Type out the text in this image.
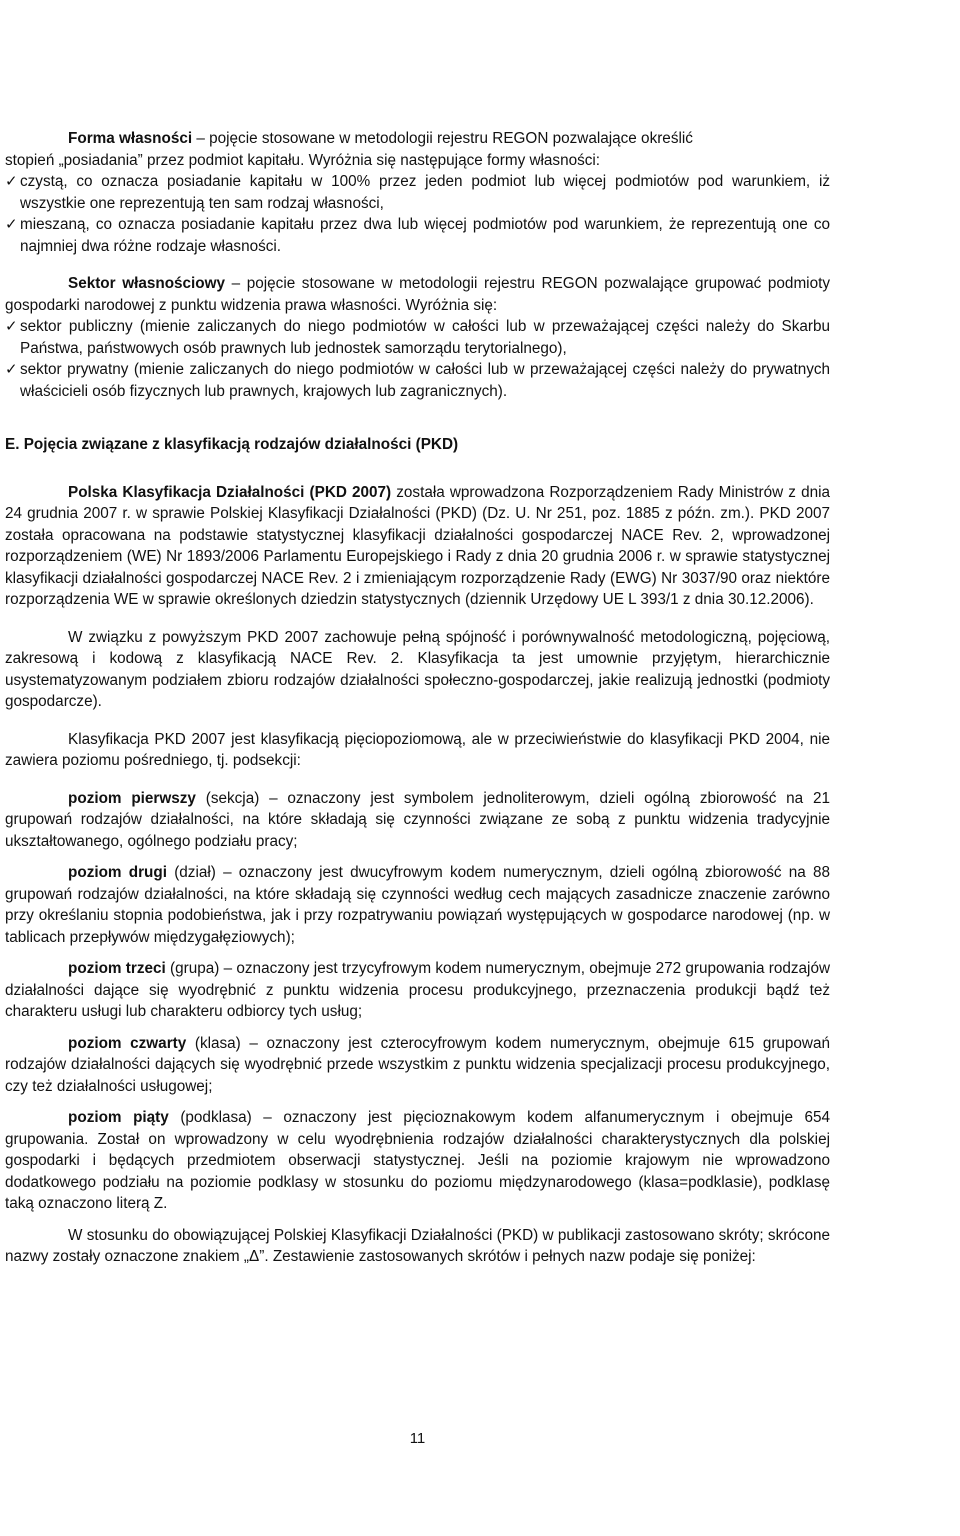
Forma własności – pojęcie stosowane w metodologii rejestru REGON pozwalające określić

stopień „posiadania” przez podmiot kapitału. Wyróżnia się następujące formy własności:

✓ czystą, co oznacza posiadanie kapitału w 100% przez jeden podmiot lub więcej podmiotów pod warunkiem, iż wszystkie one reprezentują ten sam rodzaj własności,
✓ mieszaną, co oznacza posiadanie kapitału przez dwa lub więcej podmiotów pod warunkiem, że reprezentują one co najmniej dwa różne rodzaje własności.

Sektor własnościowy – pojęcie stosowane w metodologii rejestru REGON pozwalające grupować podmioty gospodarki narodowej z punktu widzenia prawa własności. Wyróżnia się:

✓ sektor publiczny (mienie zaliczanych do niego podmiotów w całości lub w przeważającej części należy do Skarbu Państwa, państwowych osób prawnych lub jednostek samorządu terytorialnego),
✓ sektor prywatny (mienie zaliczanych do niego podmiotów w całości lub w przeważającej części należy do prywatnych właścicieli osób fizycznych lub prawnych, krajowych lub zagranicznych).

E. Pojęcia związane z klasyfikacją rodzajów działalności (PKD)

Polska Klasyfikacja Działalności (PKD 2007) została wprowadzona Rozporządzeniem Rady Ministrów z dnia 24 grudnia 2007 r. w sprawie Polskiej Klasyfikacji Działalności (PKD) (Dz. U. Nr 251, poz. 1885 z późn. zm.). PKD 2007 została opracowana na podstawie statystycznej klasyfikacji działalności gospodarczej NACE Rev. 2, wprowadzonej rozporządzeniem (WE) Nr 1893/2006 Parlamentu Europejskiego i Rady z dnia 20 grudnia 2006 r. w sprawie statystycznej klasyfikacji działalności gospodarczej NACE Rev. 2 i zmieniającym rozporządzenie Rady (EWG) Nr 3037/90 oraz niektóre rozporządzenia WE w sprawie określonych dziedzin statystycznych (dziennik Urzędowy UE L 393/1 z dnia 30.12.2006).

W związku z powyższym PKD 2007 zachowuje pełną spójność i porównywalność metodologiczną, pojęciową, zakresową i kodową z klasyfikacją NACE Rev. 2. Klasyfikacja ta jest umownie przyjętym, hierarchicznie usystematyzowanym podziałem zbioru rodzajów działalności społeczno-gospodarczej, jakie realizują jednostki (podmioty gospodarcze).

Klasyfikacja PKD 2007 jest klasyfikacją pięciopoziomową, ale w przeciwieństwie do klasyfikacji PKD 2004, nie zawiera poziomu pośredniego, tj. podsekcji:

poziom pierwszy (sekcja) – oznaczony jest symbolem jednoliterowym, dzieli ogólną zbiorowość na 21 grupowań rodzajów działalności, na które składają się czynności związane ze sobą z punktu widzenia tradycyjnie ukształtowanego, ogólnego podziału pracy;

poziom drugi (dział) – oznaczony jest dwucyfrowym kodem numerycznym, dzieli ogólną zbiorowość na 88 grupowań rodzajów działalności, na które składają się czynności według cech mających zasadnicze znaczenie zarówno przy określaniu stopnia podobieństwa, jak i przy rozpatrywaniu powiązań występujących w gospodarce narodowej (np. w tablicach przepływów międzygałęziowych);

poziom trzeci (grupa) – oznaczony jest trzycyfrowym kodem numerycznym, obejmuje 272 grupowania rodzajów działalności dające się wyodrębnić z punktu widzenia procesu produkcyjnego, przeznaczenia produkcji bądź też charakteru usługi lub charakteru odbiorcy tych usług;

poziom czwarty (klasa) – oznaczony jest czterocyfrowym kodem numerycznym, obejmuje 615 grupowań rodzajów działalności dających się wyodrębnić przede wszystkim z punktu widzenia specjalizacji procesu produkcyjnego, czy też działalności usługowej;

poziom piąty (podklasa) – oznaczony jest pięcioznakowym kodem alfanumerycznym i obejmuje 654 grupowania. Został on wprowadzony w celu wyodrębnienia rodzajów działalności charakterystycznych dla polskiej gospodarki i będących przedmiotem obserwacji statystycznej. Jeśli na poziomie krajowym nie wprowadzono dodatkowego podziału na poziomie podklasy w stosunku do poziomu międzynarodowego (klasa=podklasie), podklasę taką oznaczono literą Z.

W stosunku do obowiązującej Polskiej Klasyfikacji Działalności (PKD) w publikacji zastosowano skróty; skrócone nazwy zostały oznaczone znakiem „Δ”. Zestawienie zastosowanych skrótów i pełnych nazw podaje się poniżej:

11
